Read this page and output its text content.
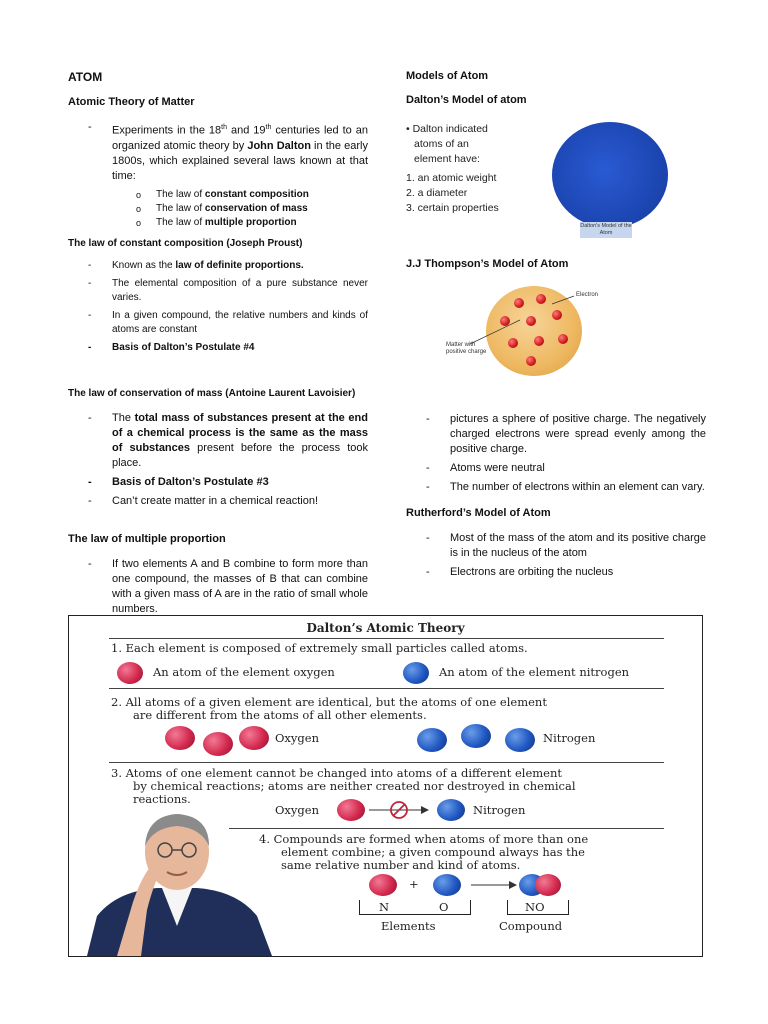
ATOM
Atomic Theory of Matter
- Experiments in the 18th and 19th centuries led to an organized atomic theory by John Dalton in the early 1800s, which explained several laws known at that time:
o The law of constant composition
o The law of conservation of mass
o The law of multiple proportion
The law of constant composition (Joseph Proust)
- Known as the law of definite proportions.
- The elemental composition of a pure substance never varies.
- In a given compound, the relative numbers and kinds of atoms are constant
- Basis of Dalton’s Postulate #4
The law of conservation of mass (Antoine Laurent Lavoisier)
- The total mass of substances present at the end of a chemical process is the same as the mass of substances present before the process took place.
- Basis of Dalton’s Postulate #3
- Can’t create matter in a chemical reaction!
The law of multiple proportion
- If two elements A and B combine to form more than one compound, the masses of B that can combine with a given mass of A are in the ratio of small whole numbers.
Models of Atom
Dalton’s Model of atom
• Dalton indicated
atoms of an
element have:
1. an atomic weight
2. a diameter
3. certain properties
Dalton's Model of the Atom
J.J Thompson’s Model of Atom
Electron
Matter with positive charge
- pictures a sphere of positive charge. The negatively charged electrons were spread evenly among the positive charge.
- Atoms were neutral
- The number of electrons within an element can vary.
Rutherford’s Model of Atom
- Most of the mass of the atom and its positive charge is in the nucleus of the atom
- Electrons are orbiting the nucleus
Dalton’s Atomic Theory
1. Each element is composed of extremely small particles called atoms.
An atom of the element oxygen	An atom of the element nitrogen
2. All atoms of a given element are identical, but the atoms of one element
are different from the atoms of all other elements.
Oxygen	Nitrogen
3. Atoms of one element cannot be changed into atoms of a different element
by chemical reactions; atoms are neither created nor destroyed in chemical
reactions.
Oxygen	Nitrogen
4. Compounds are formed when atoms of more than one
element combine; a given compound always has the
same relative number and kind of atoms.
+
N	O	NO
Elements	Compound
